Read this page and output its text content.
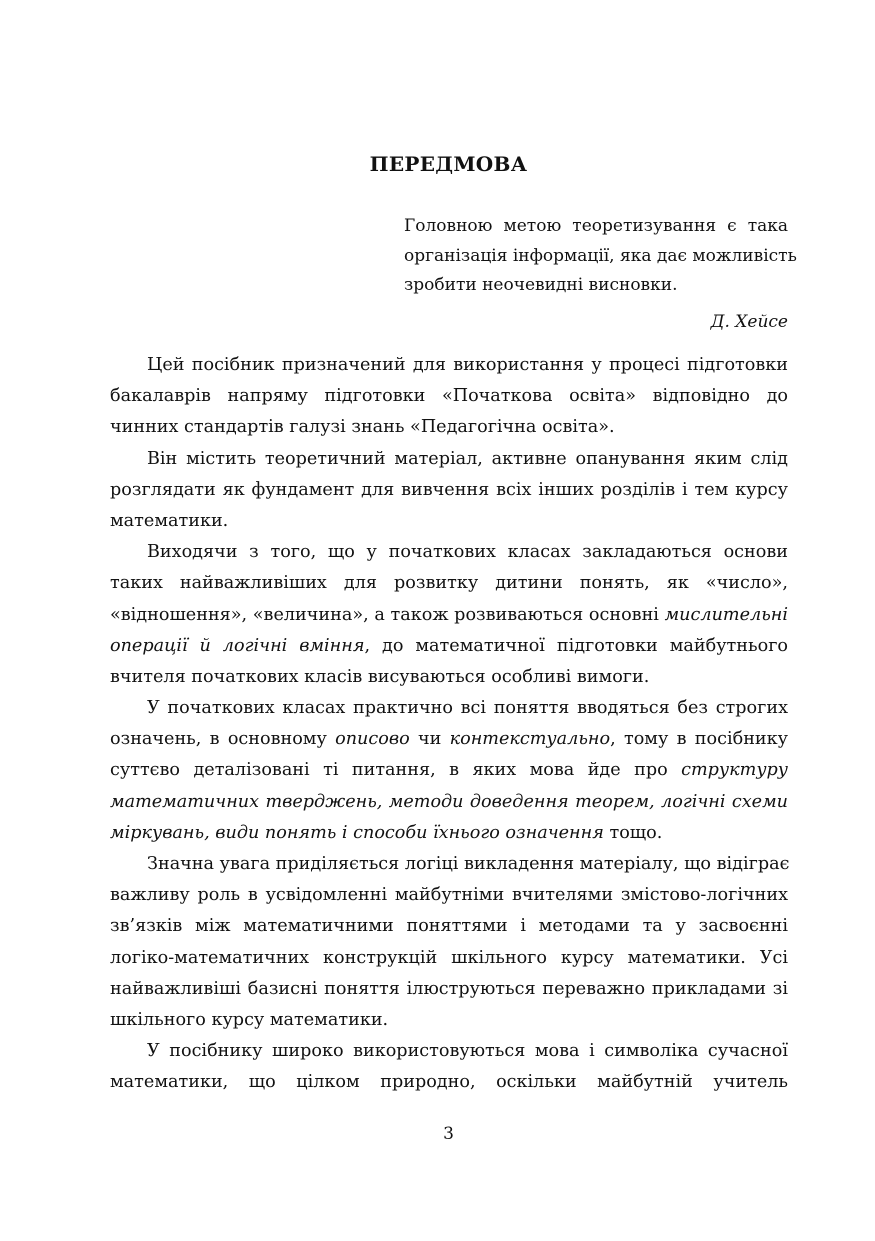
ПЕРЕДМОВА
Головною метою теоретизування є така
організація інформації, яка дає можливість
зробити неочевидні висновки.
Д. Хейсе
Цей посібник призначений для використання у процесі підготовки
бакалаврів напряму підготовки «Початкова освіта» відповідно до
чинних стандартів галузі знань «Педагогічна освіта».
Він містить теоретичний матеріал, активне опанування яким слід
розглядати як фундамент для вивчення всіх інших розділів і тем курсу
математики.
Виходячи з того, що у початкових класах закладаються основи
таких найважливіших для розвитку дитини понять, як «число»,
«відношення», «величина», а також розвиваються основні мислительні
операції й логічні вміння, до математичної підготовки майбутнього
вчителя початкових класів висуваються особливі вимоги.
У початкових класах практично всі поняття вводяться без строгих
означень, в основному описово чи контекстуально, тому в посібнику
суттєво деталізовані ті питання, в яких мова йде про структуру
математичних тверджень, методи доведення теорем, логічні схеми
міркувань, види понять і способи їхнього означення тощо.
Значна увага приділяється логіці викладення матеріалу, що відіграє
важливу роль в усвідомленні майбутніми вчителями змістово-логічних
зв’язків між математичними поняттями і методами та у засвоєнні
логіко-математичних конструкцій шкільного курсу математики. Усі
найважливіші базисні поняття ілюструються переважно прикладами зі
шкільного курсу математики.
У посібнику широко використовуються мова і символіка сучасної
математики, що цілком природно, оскільки майбутній учитель
3
